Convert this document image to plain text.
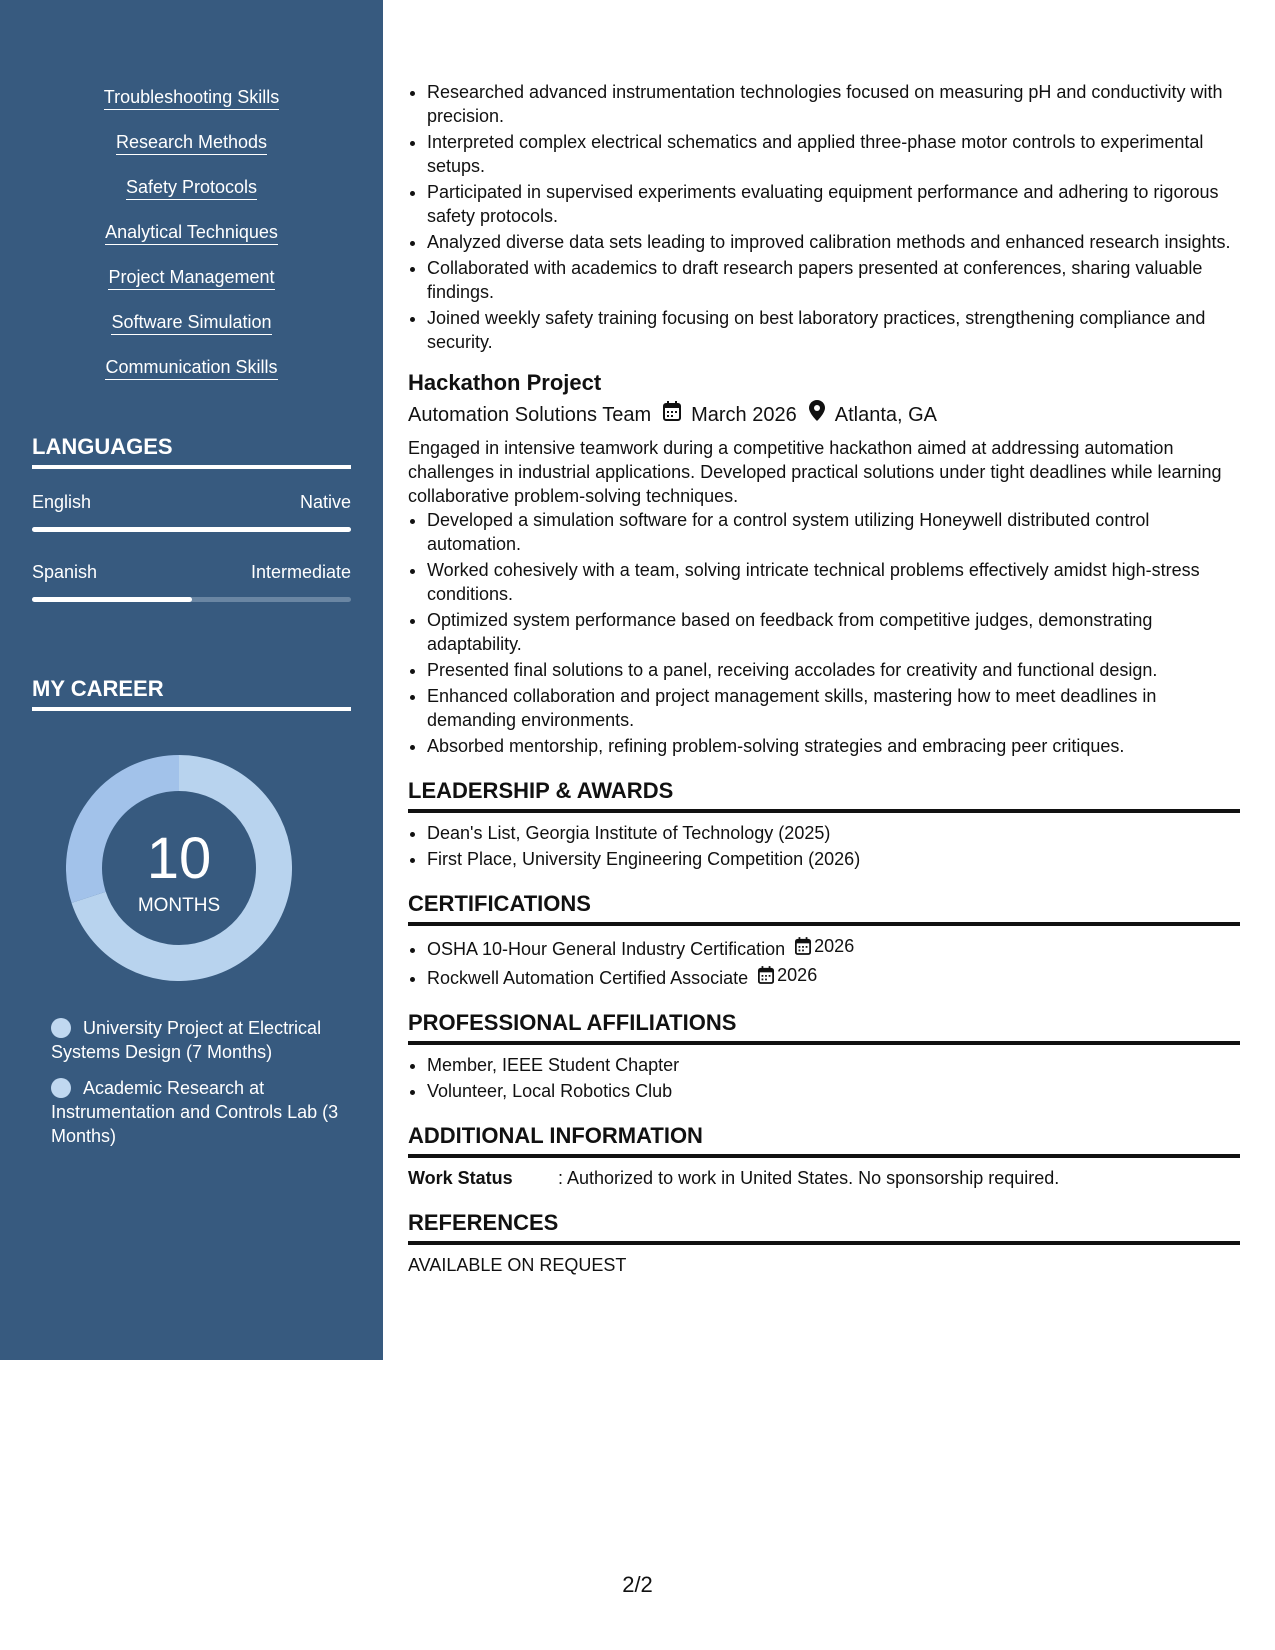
Troubleshooting Skills
Research Methods
Safety Protocols
Analytical Techniques
Project Management
Software Simulation
Communication Skills
LANGUAGES
English	Native
Spanish	Intermediate
MY CAREER
10
MONTHS
University Project at Electrical Systems Design (7 Months)
Academic Research at Instrumentation and Controls Lab (3 Months)
• Researched advanced instrumentation technologies focused on measuring pH and conductivity with precision.
• Interpreted complex electrical schematics and applied three-phase motor controls to experimental setups.
• Participated in supervised experiments evaluating equipment performance and adhering to rigorous safety protocols.
• Analyzed diverse data sets leading to improved calibration methods and enhanced research insights.
• Collaborated with academics to draft research papers presented at conferences, sharing valuable findings.
• Joined weekly safety training focusing on best laboratory practices, strengthening compliance and security.
Hackathon Project
Automation Solutions Team March 2026 Atlanta, GA
Engaged in intensive teamwork during a competitive hackathon aimed at addressing automation challenges in industrial applications. Developed practical solutions under tight deadlines while learning collaborative problem-solving techniques.
• Developed a simulation software for a control system utilizing Honeywell distributed control automation.
• Worked cohesively with a team, solving intricate technical problems effectively amidst high-stress conditions.
• Optimized system performance based on feedback from competitive judges, demonstrating adaptability.
• Presented final solutions to a panel, receiving accolades for creativity and functional design.
• Enhanced collaboration and project management skills, mastering how to meet deadlines in demanding environments.
• Absorbed mentorship, refining problem-solving strategies and embracing peer critiques.
LEADERSHIP & AWARDS
• Dean's List, Georgia Institute of Technology (2025)
• First Place, University Engineering Competition (2026)
CERTIFICATIONS
• OSHA 10-Hour General Industry Certification 2026
• Rockwell Automation Certified Associate 2026
PROFESSIONAL AFFILIATIONS
• Member, IEEE Student Chapter
• Volunteer, Local Robotics Club
ADDITIONAL INFORMATION
Work Status	: Authorized to work in United States. No sponsorship required.
REFERENCES
AVAILABLE ON REQUEST
2/2
